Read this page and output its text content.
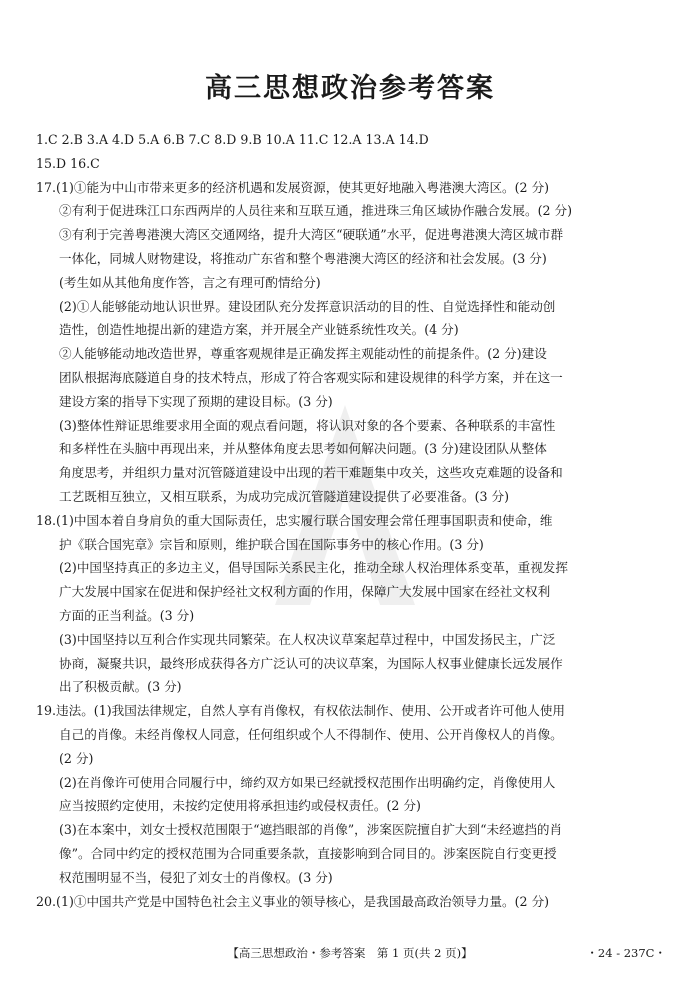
高三思想政治参考答案
1.C 2.B 3.A 4.D 5.A 6.B 7.C 8.D 9.B 10.A 11.C 12.A 13.A 14.D
15.D 16.C
17.(1)①能为中山市带来更多的经济机遇和发展资源，使其更好地融入粤港澳大湾区。(2 分)
②有利于促进珠江口东西两岸的人员往来和互联互通，推进珠三角区域协作融合发展。(2 分)
③有利于完善粤港澳大湾区交通网络，提升大湾区“硬联通”水平，促进粤港澳大湾区城市群
一体化，同城人财物建设，将推动广东省和整个粤港澳大湾区的经济和社会发展。(3 分)
(考生如从其他角度作答，言之有理可酌情给分)
(2)①人能够能动地认识世界。建设团队充分发挥意识活动的目的性、自觉选择性和能动创
造性，创造性地提出新的建造方案，并开展全产业链系统性攻关。(4 分)
②人能够能动地改造世界，尊重客观规律是正确发挥主观能动性的前提条件。(2 分)建设
团队根据海底隧道自身的技术特点，形成了符合客观实际和建设规律的科学方案，并在这一
建设方案的指导下实现了预期的建设目标。(3 分)
(3)整体性辩证思维要求用全面的观点看问题，将认识对象的各个要素、各种联系的丰富性
和多样性在头脑中再现出来，并从整体角度去思考如何解决问题。(3 分)建设团队从整体
角度思考，并组织力量对沉管隧道建设中出现的若干难题集中攻关，这些攻克难题的设备和
工艺既相互独立，又相互联系，为成功完成沉管隧道建设提供了必要准备。(3 分)
18.(1)中国本着自身肩负的重大国际责任，忠实履行联合国安理会常任理事国职责和使命，维
护《联合国宪章》宗旨和原则，维护联合国在国际事务中的核心作用。(3 分)
(2)中国坚持真正的多边主义，倡导国际关系民主化，推动全球人权治理体系变革，重视发挥
广大发展中国家在促进和保护经社文权利方面的作用，保障广大发展中国家在经社文权利
方面的正当利益。(3 分)
(3)中国坚持以互利合作实现共同繁荣。在人权决议草案起草过程中，中国发扬民主，广泛
协商，凝聚共识，最终形成获得各方广泛认可的决议草案，为国际人权事业健康长远发展作
出了积极贡献。(3 分)
19.违法。(1)我国法律规定，自然人享有肖像权，有权依法制作、使用、公开或者许可他人使用
自己的肖像。未经肖像权人同意，任何组织或个人不得制作、使用、公开肖像权人的肖像。
(2 分)
(2)在肖像许可使用合同履行中，缔约双方如果已经就授权范围作出明确约定，肖像使用人
应当按照约定使用，未按约定使用将承担违约或侵权责任。(2 分)
(3)在本案中，刘女士授权范围限于“遮挡眼部的肖像”，涉案医院擅自扩大到“未经遮挡的肖
像”。合同中约定的授权范围为合同重要条款，直接影响到合同目的。涉案医院自行变更授
权范围明显不当，侵犯了刘女士的肖像权。(3 分)
20.(1)①中国共产党是中国特色社会主义事业的领导核心，是我国最高政治领导力量。(2 分)
【高三思想政治・参考答案　第 1 页(共 2 页)】	・24 - 237C・
